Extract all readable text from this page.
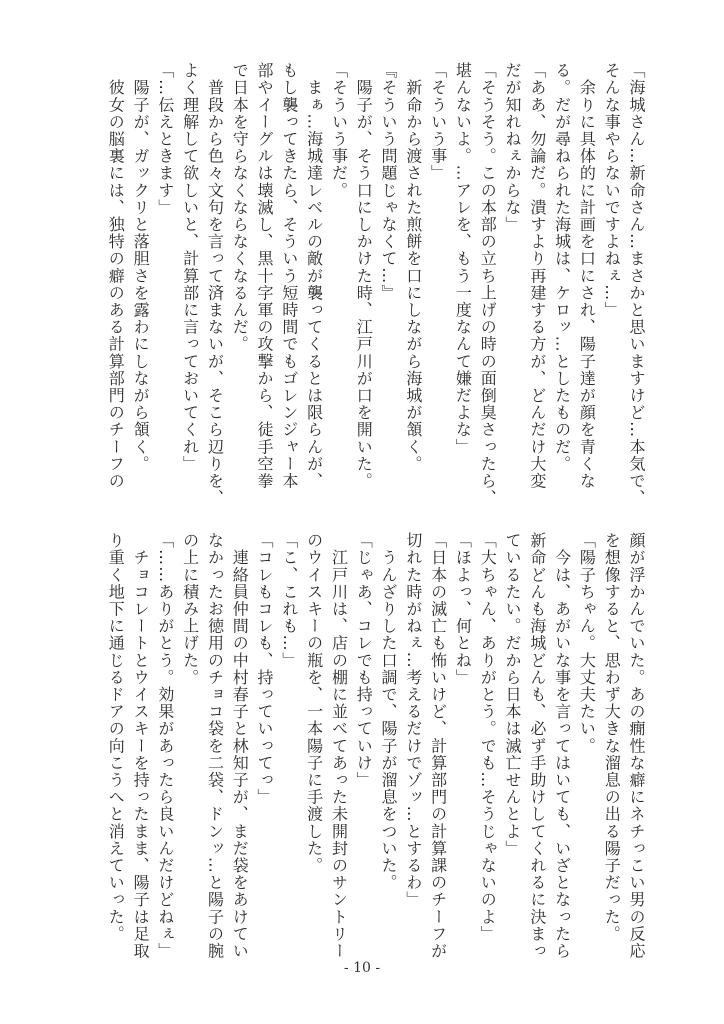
「海城さん…新命さん…まさかと思いますけど…本気で、
そんな事やらないですよねぇ…」
　余りに具体的に計画を口にされ、陽子達が顔を青くな
る。だが尋ねられた海城は、ケロッ…としたものだ。
「ああ、勿論だ。潰すより再建する方が、どんだけ大変
だが知れねぇからな」
「そうそう。この本部の立ち上げの時の面倒臭さったら、
堪んないよ。…アレを、もう一度なんて嫌だよな」
「そういう事」
　新命から渡された煎餅を口にしながら海城が頷く。
『そういう問題じゃなくて…』
　陽子が、そう口にしかけた時、江戸川が口を開いた。
「そういう事だ。
　まぁ…海城達レベルの敵が襲ってくるとは限らんが、
もし襲ってきたら、そういう短時間でもゴレンジャー本
部やイーグルは壊滅し、黒十字軍の攻撃から、徒手空拳
で日本を守らなくならなくなるんだ。
　普段から色々文句を言って済まないが、そこら辺りを、
よく理解して欲しいと、計算部に言っておいてくれ」
「…伝えときます」
　陽子が、ガックリと落胆さを露わにしながら頷く。
　彼女の脳裏には、独特の癖のある計算部門のチーフの
顔が浮かんでいた。あの癇性な癖にネチっこい男の反応
を想像すると、思わず大きな溜息の出る陽子だった。
「陽子ちゃん。大丈夫たい。
　今は、あがいな事を言ってはいても、いざとなったら
新命どんも海城どんも、必ず手助けしてくれるに決まっ
ているたい。だから日本は滅亡せんとよ」
「大ちゃん、ありがとう。でも…そうじゃないのよ」
「ほよっ、何とね」
「日本の滅亡も怖いけど、計算部門の計算課のチーフが
切れた時がねぇ…考えるだけでゾッ…とするわ」
　うんざりした口調で、陽子が溜息をついた。
「じゃあ、コレでも持っていけ」
　江戸川は、店の棚に並べてあった未開封のサントリー
のウイスキーの瓶を、一本陽子に手渡した。
「こ、これも…」
「コレもコレも、持っていってっ」
　連絡員仲間の中村春子と林知子が、まだ袋をあけてい
なかったお徳用のチョコ袋を二袋、ドンッ…と陽子の腕
の上に積み上げた。
「……ありがとう。効果があったら良いんだけどねぇ」
　チョコレートとウイスキーを持ったまま、陽子は足取
り重く地下に通じるドアの向こうへと消えていった。
- 10 -
